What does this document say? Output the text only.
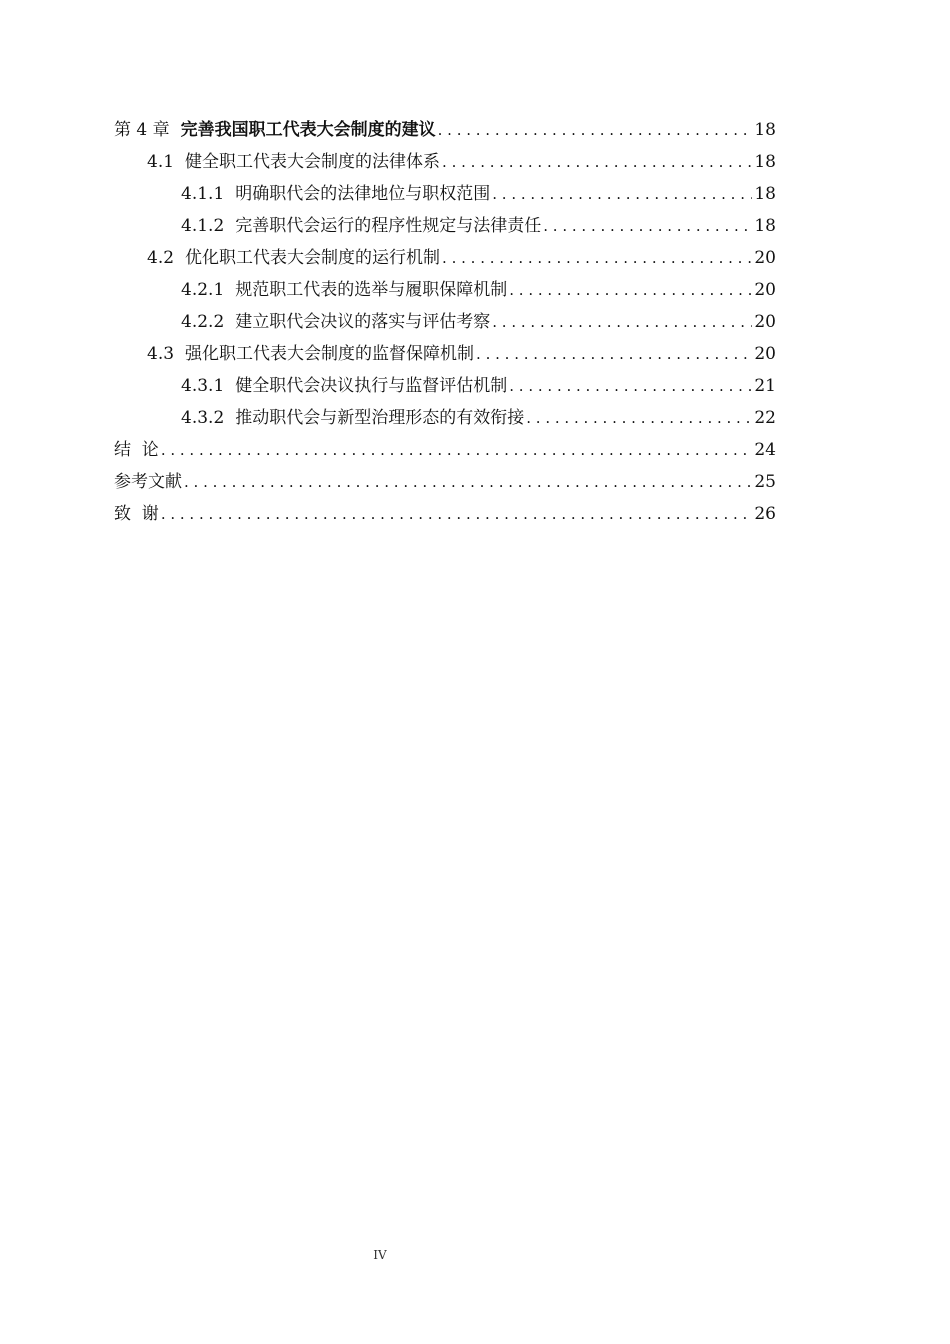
第 4 章 完善我国职工代表大会制度的建议 . . .	18
4.1 健全职工代表大会制度的法律体系 . . .	18
4.1.1 明确职代会的法律地位与职权范围 . . .	18
4.1.2 完善职代会运行的程序性规定与法律责任 . . .	18
4.2 优化职工代表大会制度的运行机制 . . .	20
4.2.1 规范职工代表的选举与履职保障机制 . . .	20
4.2.2 建立职代会决议的落实与评估考察 . . .	20
4.3 强化职工代表大会制度的监督保障机制 . . .	20
4.3.1 健全职代会决议执行与监督评估机制 . . .	21
4.3.2 推动职代会与新型治理形态的有效衔接 . . .	22
结  论 . . .	24
参考文献 . . .	25
致  谢 . . .	26
IV
